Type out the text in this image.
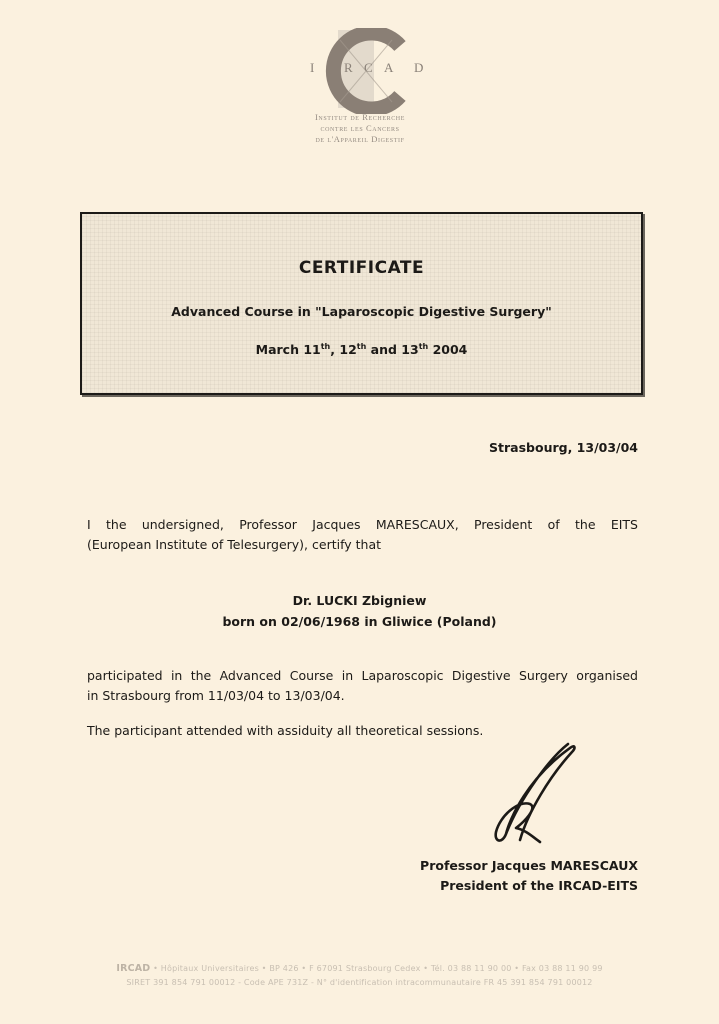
I R C A D
Institut de Recherche
contre les Cancers
de l'Appareil Digestif
CERTIFICATE
Advanced Course in "Laparoscopic Digestive Surgery"
March 11th, 12th and 13th 2004
Strasbourg, 13/03/04
I the undersigned, Professor Jacques MARESCAUX, President of the EITS
(European Institute of Telesurgery), certify that
Dr. LUCKI Zbigniew
born on 02/06/1968 in Gliwice (Poland)
participated in the Advanced Course in Laparoscopic Digestive Surgery organised
in Strasbourg from 11/03/04 to 13/03/04.
The participant attended with assiduity all theoretical sessions.
Professor Jacques MARESCAUX
President of the IRCAD-EITS
IRCAD • Hôpitaux Universitaires • BP 426 • F 67091 Strasbourg Cedex • Tél. 03 88 11 90 00 • Fax 03 88 11 90 99
SIRET 391 854 791 00012 - Code APE 731Z - N° d'identification intracommunautaire FR 45 391 854 791 00012
